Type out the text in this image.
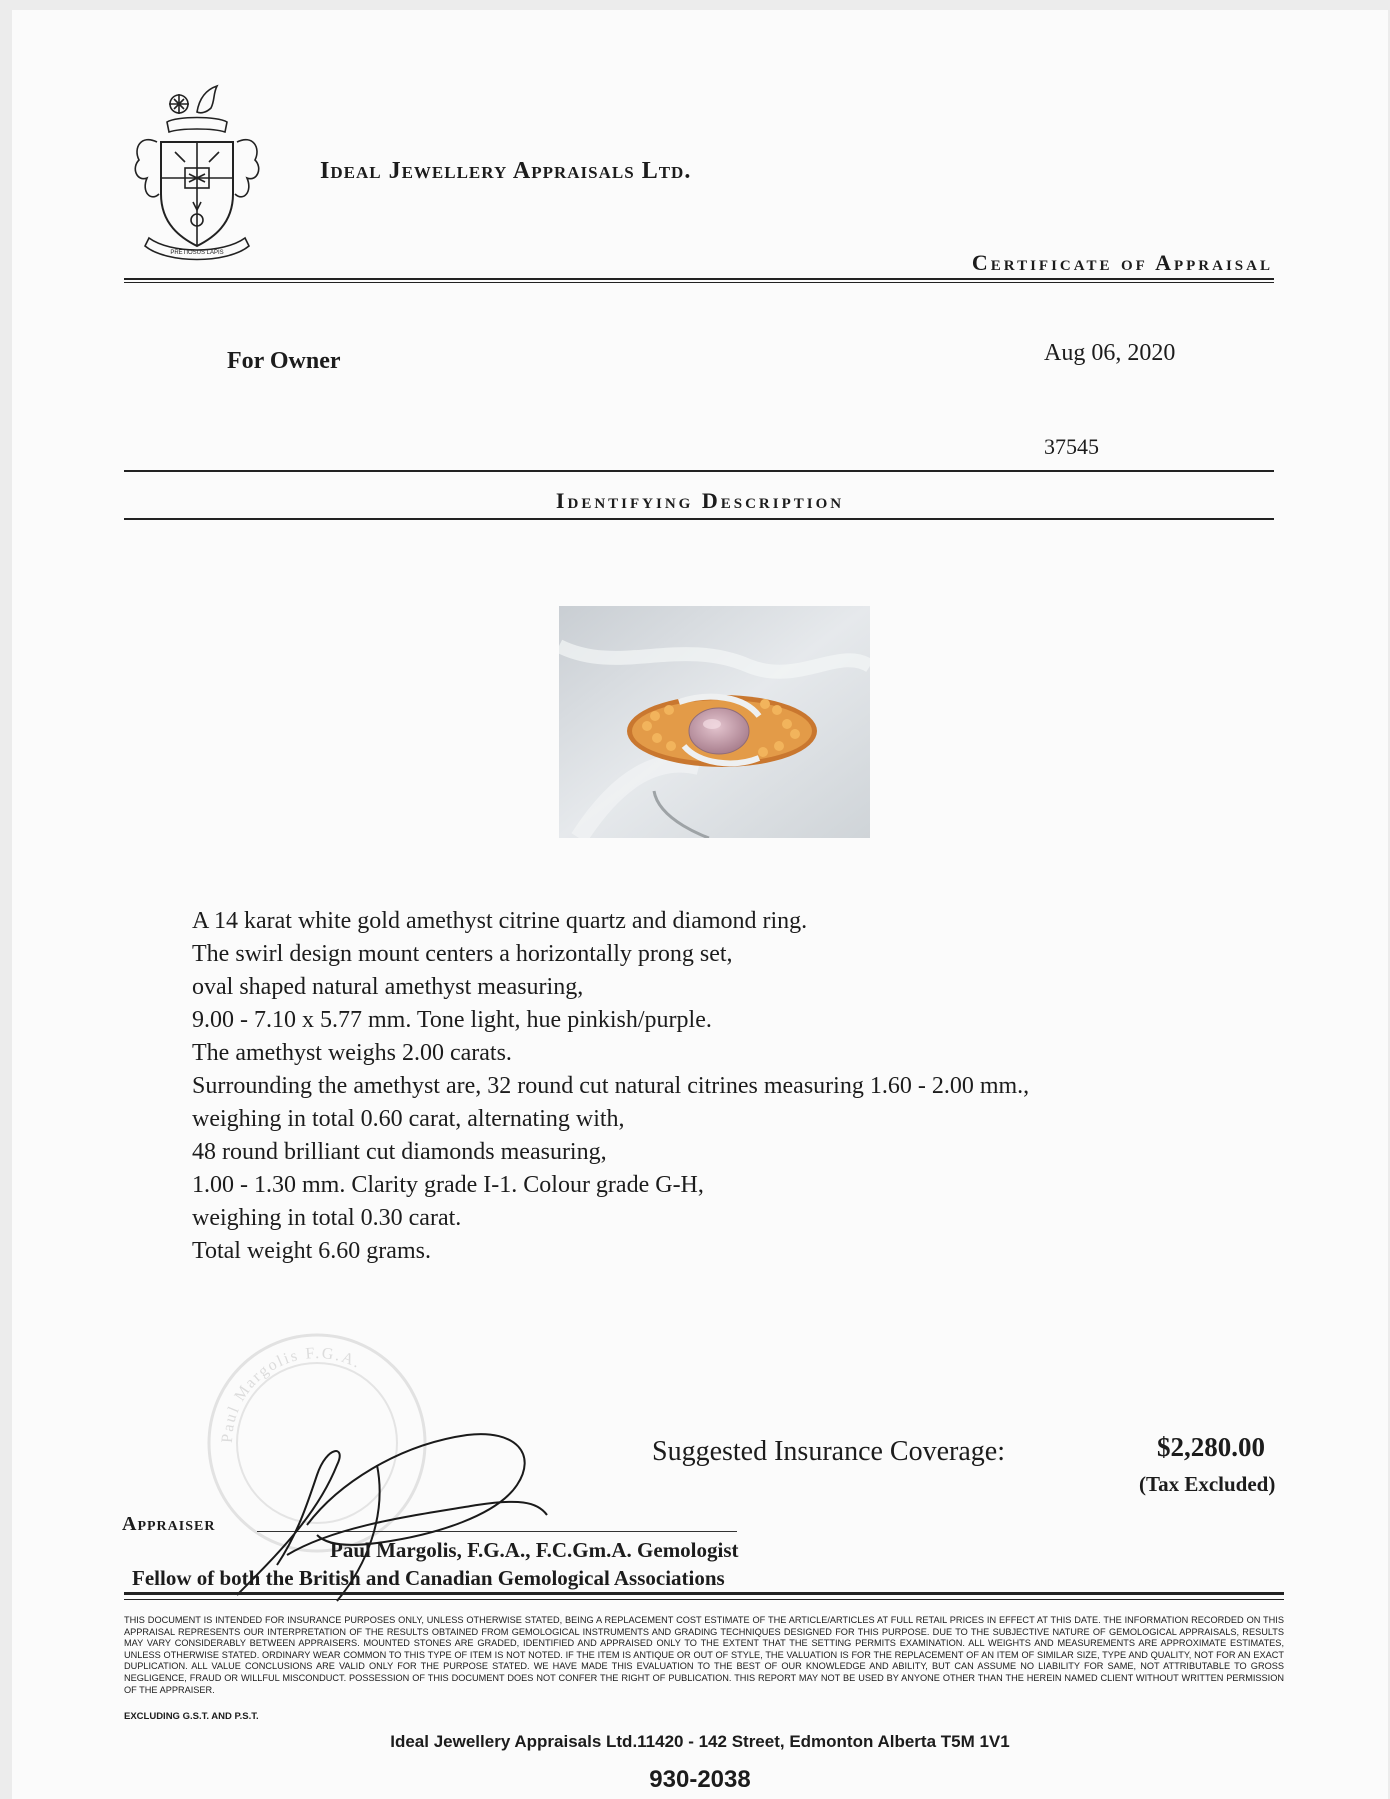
PRETIOSUS LAPIS
Ideal Jewellery Appraisals Ltd.
Certificate of Appraisal
For Owner	Aug 06, 2020
37545
Identifying Description
A 14 karat white gold amethyst citrine quartz and diamond ring.
The swirl design mount centers a horizontally prong set,
oval shaped natural amethyst measuring,
9.00 - 7.10 x 5.77 mm. Tone light, hue pinkish/purple.
The amethyst weighs 2.00 carats.
Surrounding the amethyst are, 32 round cut natural citrines measuring 1.60 - 2.00 mm.,
weighing in total 0.60 carat, alternating with,
48 round brilliant cut diamonds measuring,
1.00 - 1.30 mm. Clarity grade I-1. Colour grade G-H,
weighing in total 0.30 carat.
Total weight 6.60 grams.
Paul Margolis F.G.A.
Suggested Insurance Coverage:	$2,280.00
(Tax Excluded)
Appraiser
Paul Margolis, F.G.A., F.C.Gm.A. Gemologist
Fellow of both the British and Canadian Gemological Associations
THIS DOCUMENT IS INTENDED FOR INSURANCE PURPOSES ONLY, UNLESS OTHERWISE STATED, BEING A REPLACEMENT COST ESTIMATE OF THE ARTICLE/ARTICLES AT FULL RETAIL PRICES IN EFFECT AT THIS DATE. THE INFORMATION RECORDED ON THIS APPRAISAL REPRESENTS OUR INTERPRETATION OF THE RESULTS OBTAINED FROM GEMOLOGICAL INSTRUMENTS AND GRADING TECHNIQUES DESIGNED FOR THIS PURPOSE. DUE TO THE SUBJECTIVE NATURE OF GEMOLOGICAL APPRAISALS, RESULTS MAY VARY CONSIDERABLY BETWEEN APPRAISERS. MOUNTED STONES ARE GRADED, IDENTIFIED AND APPRAISED ONLY TO THE EXTENT THAT THE SETTING PERMITS EXAMINATION. ALL WEIGHTS AND MEASUREMENTS ARE APPROXIMATE ESTIMATES, UNLESS OTHERWISE STATED. ORDINARY WEAR COMMON TO THIS TYPE OF ITEM IS NOT NOTED. IF THE ITEM IS ANTIQUE OR OUT OF STYLE, THE VALUATION IS FOR THE REPLACEMENT OF AN ITEM OF SIMILAR SIZE, TYPE AND QUALITY, NOT FOR AN EXACT DUPLICATION. ALL VALUE CONCLUSIONS ARE VALID ONLY FOR THE PURPOSE STATED. WE HAVE MADE THIS EVALUATION TO THE BEST OF OUR KNOWLEDGE AND ABILITY, BUT CAN ASSUME NO LIABILITY FOR SAME, NOT ATTRIBUTABLE TO GROSS NEGLIGENCE, FRAUD OR WILLFUL MISCONDUCT. POSSESSION OF THIS DOCUMENT DOES NOT CONFER THE RIGHT OF PUBLICATION. THIS REPORT MAY NOT BE USED BY ANYONE OTHER THAN THE HEREIN NAMED CLIENT WITHOUT WRITTEN PERMISSION OF THE APPRAISER.
EXCLUDING G.S.T. AND P.S.T.
Ideal Jewellery Appraisals Ltd.11420 - 142 Street, Edmonton Alberta T5M 1V1
930-2038
